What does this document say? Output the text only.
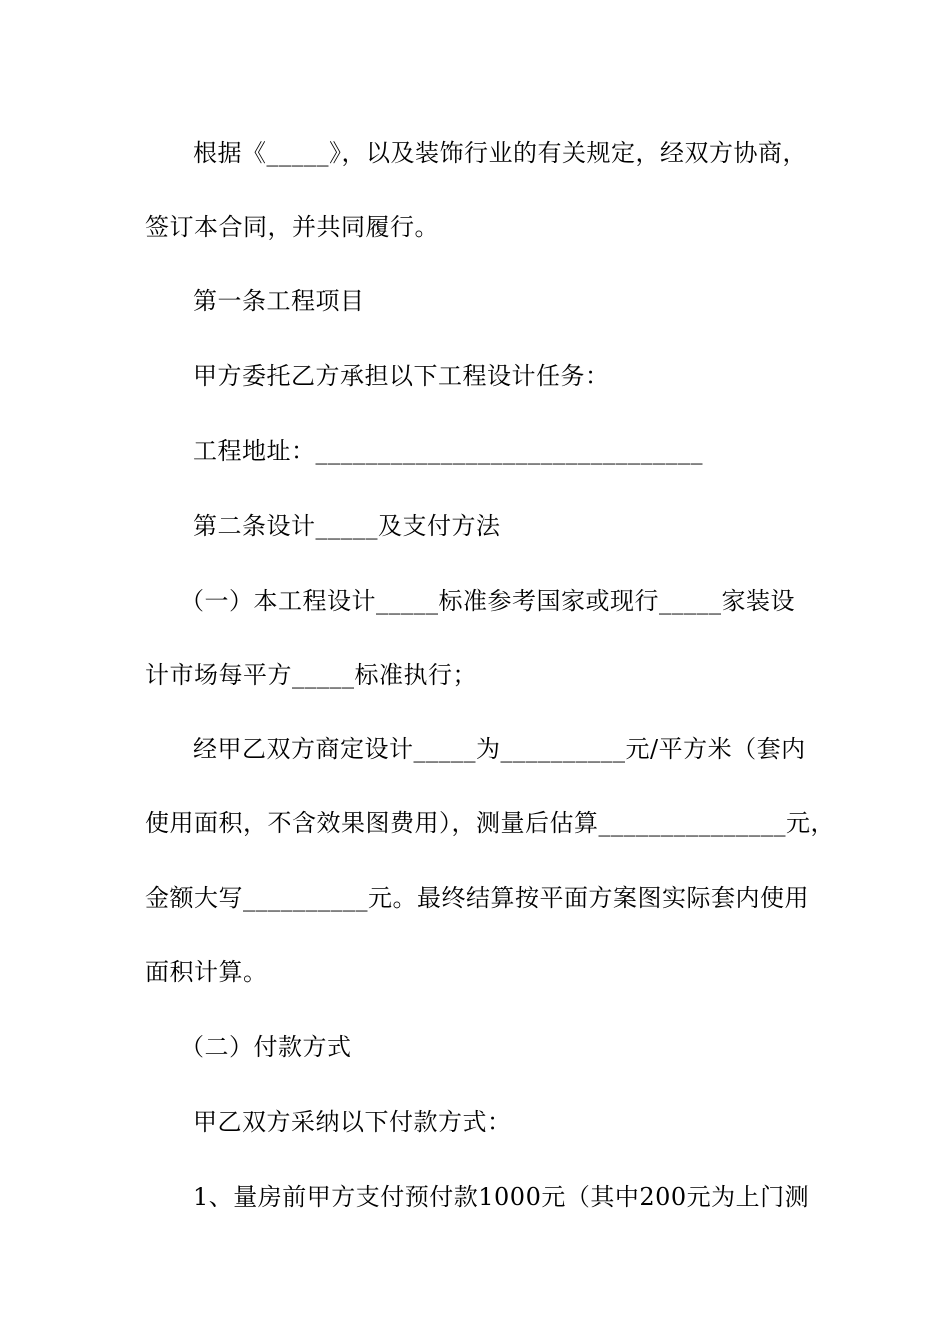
根据《_____》，以及装饰行业的有关规定，经双方协商，
签订本合同，并共同履行。
第一条工程项目
甲方委托乙方承担以下工程设计任务：
工程地址：_______________________________
第二条设计_____及支付方法
（一）本工程设计_____标准参考国家或现行_____家装设
计市场每平方_____标准执行；
经甲乙双方商定设计_____为__________元/平方米（套内
使用面积，不含效果图费用），测量后估算_______________元，
金额大写__________元。最终结算按平面方案图实际套内使用
面积计算。
（二）付款方式
甲乙双方采纳以下付款方式：
1、量房前甲方支付预付款1000元（其中200元为上门测
